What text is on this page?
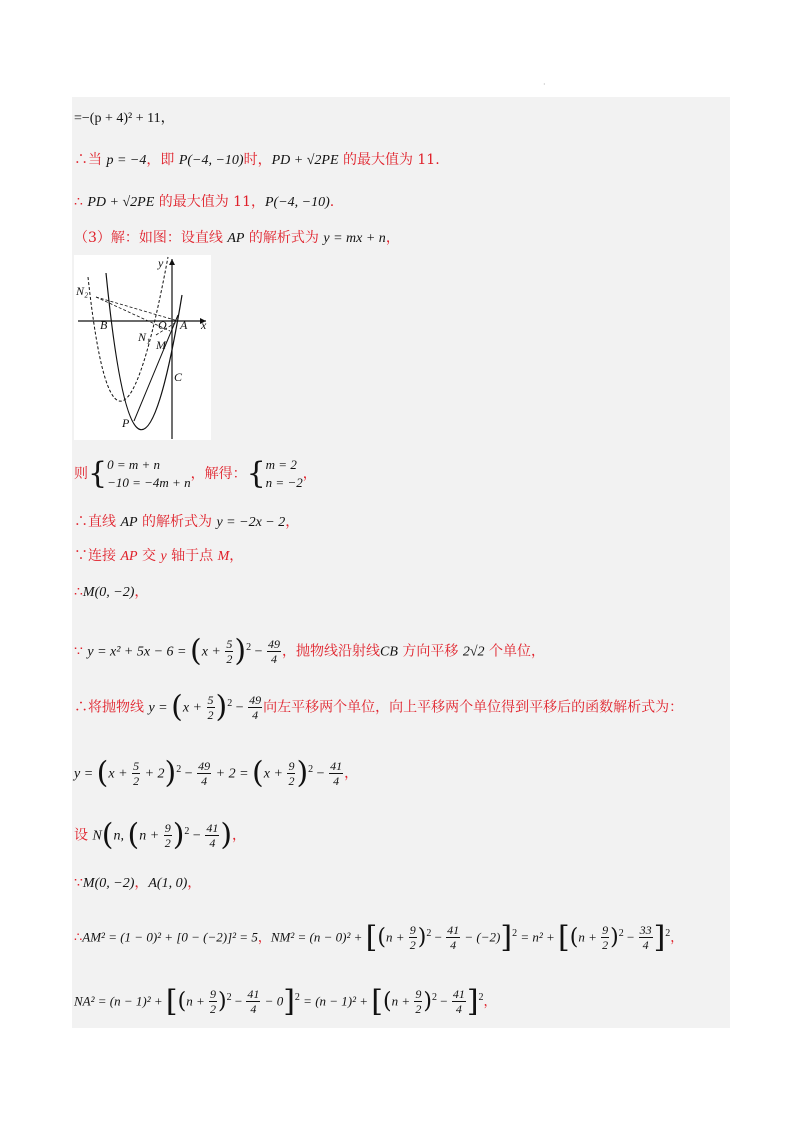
·
=−(p + 4)² + 11，
∴当 p = −4，即 P(−4, −10)时，PD + √2PE 的最大值为 11.
∴ PD + √2PE 的最大值为 11，P(−4, −10).
（3）解：如图：设直线 AP 的解析式为 y = mx + n，
N₂
B	O A x
y
N₁
M
C
P
则{ 0 = m + n
−10 = −4m + n
，解得：{ m = 2
n = −2
，
∴直线 AP 的解析式为 y = −2x − 2，
∵连接 AP 交 y 轴于点 M，
∴M(0, −2)，
∵ $y = x^2 + 5x - 6 = (x + \frac{5}{2} )^2 - \frac{49}{4}$ ，抛物线沿射线CB 方向平移 2√2 个单位，
∴将抛物线 $y = (x + \frac{5}{2} )^2 - \frac{49}{4}$ 向左平移两个单位，向上平移两个单位得到平移后的函数解析式为：
$y = (x + \frac{5}{2} + 2)^2 - \frac{49}{4} + 2 = (x + \frac{9}{2} )^2 - \frac{41}{4}$ ，
设 N(n, $(n + \frac{9}{2} )^2 - \frac{41}{4}$ )，
∵M(0, −2)，A(1, 0)，
∴AM² = (1 − 0)² + [0 − (−2)]² = 5，$NM^2 = (n - 0)^2 + [(n + \frac{9}{2} )^2 - \frac{41}{4} - (-2)]^2 = n^2 + [(n + \frac{9}{2} )^2 - \frac{33}{4} ]^2$，
$NA^2 = (n - 1)^2 + [(n + \frac{9}{2} )^2 - \frac{41}{4} - 0]^2 = (n - 1)^2 + [(n + \frac{9}{2} )^2 - \frac{41}{4} ]^2$，
